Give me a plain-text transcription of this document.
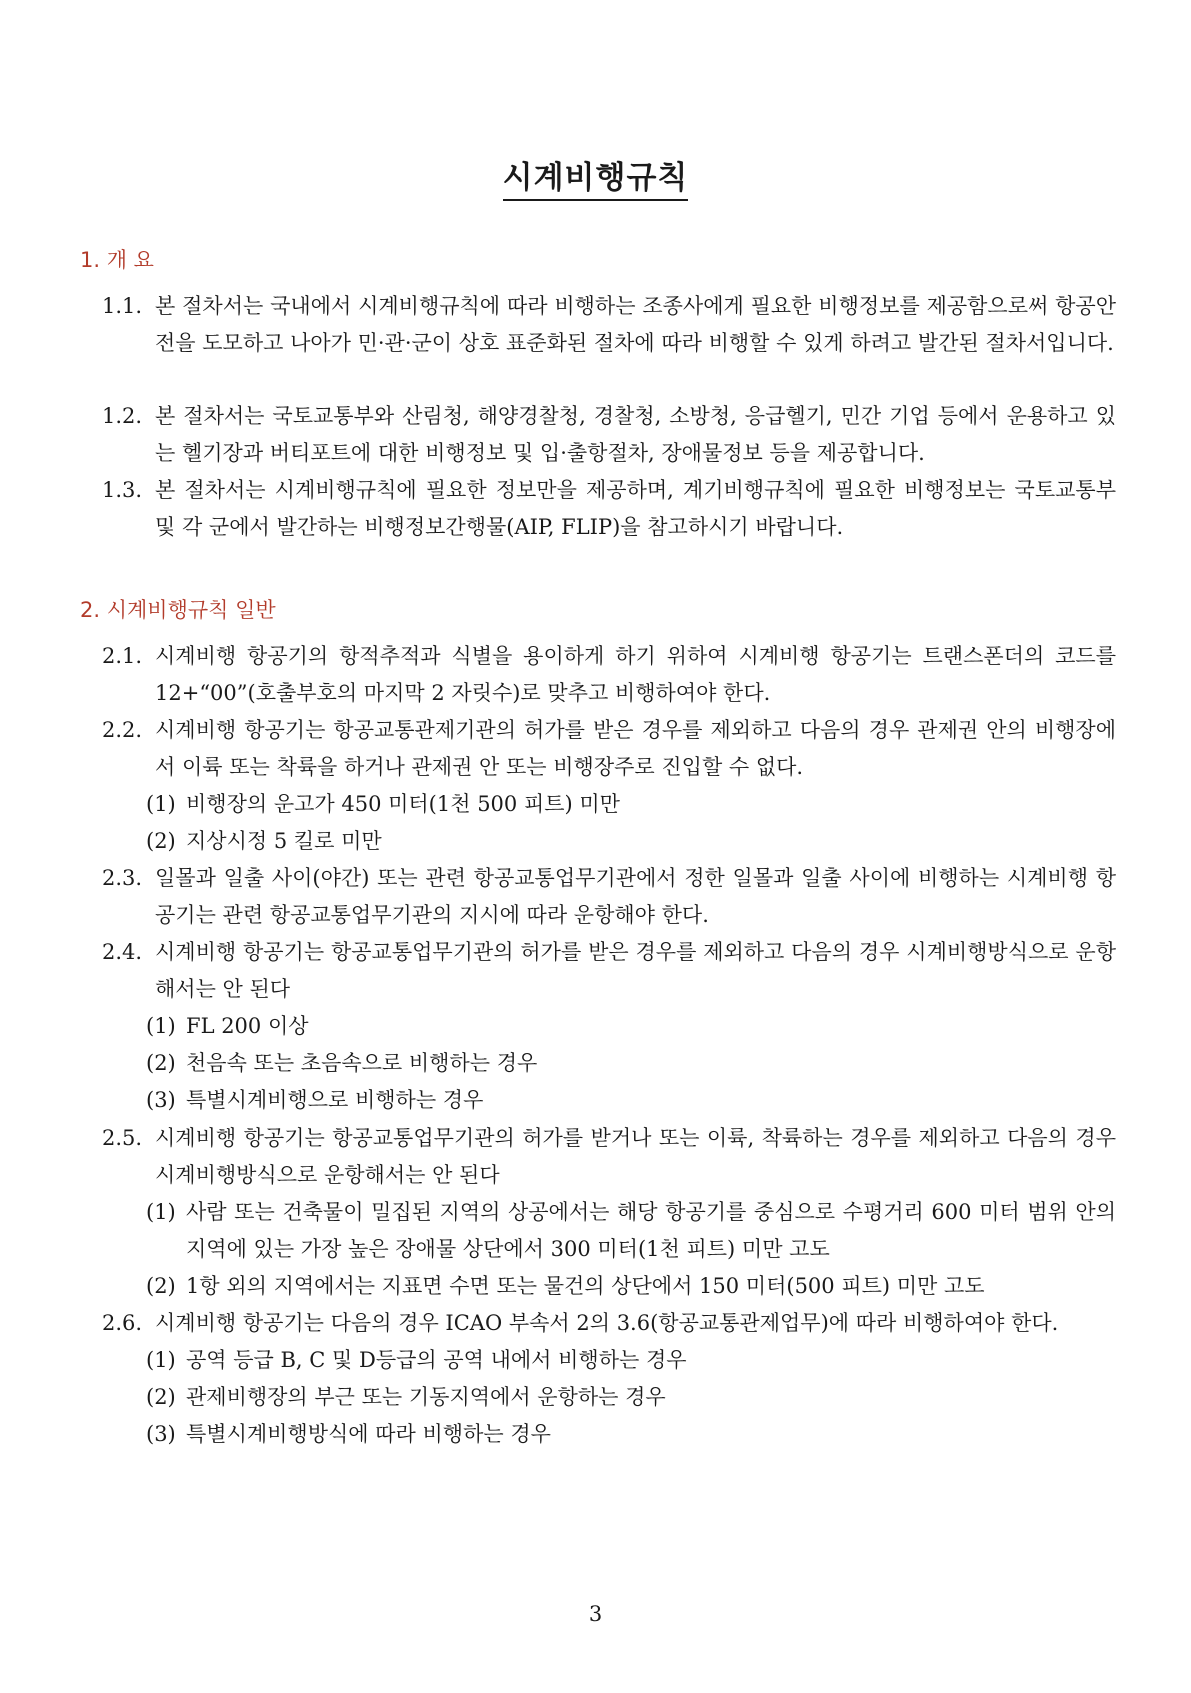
시계비행규칙
1. 개 요
1.1. 본 절차서는 국내에서 시계비행규칙에 따라 비행하는 조종사에게 필요한 비행정보를 제공함으로써 항공안전을 도모하고 나아가 민·관·군이 상호 표준화된 절차에 따라 비행할 수 있게 하려고 발간된 절차서입니다.
1.2. 본 절차서는 국토교통부와 산림청, 해양경찰청, 경찰청, 소방청, 응급헬기, 민간 기업 등에서 운용하고 있는 헬기장과 버티포트에 대한 비행정보 및 입·출항절차, 장애물정보 등을 제공합니다.
1.3. 본 절차서는 시계비행규칙에 필요한 정보만을 제공하며, 계기비행규칙에 필요한 비행정보는 국토교통부 및 각 군에서 발간하는 비행정보간행물(AIP, FLIP)을 참고하시기 바랍니다.
2. 시계비행규칙 일반
2.1. 시계비행 항공기의 항적추적과 식별을 용이하게 하기 위하여 시계비행 항공기는 트랜스폰더의 코드를 12+“00”(호출부호의 마지막 2 자릿수)로 맞추고 비행하여야 한다.
2.2. 시계비행 항공기는 항공교통관제기관의 허가를 받은 경우를 제외하고 다음의 경우 관제권 안의 비행장에서 이륙 또는 착륙을 하거나 관제권 안 또는 비행장주로 진입할 수 없다.
(1) 비행장의 운고가 450 미터(1천 500 피트) 미만
(2) 지상시정 5 킬로 미만
2.3. 일몰과 일출 사이(야간) 또는 관련 항공교통업무기관에서 정한 일몰과 일출 사이에 비행하는 시계비행 항공기는 관련 항공교통업무기관의 지시에 따라 운항해야 한다.
2.4. 시계비행 항공기는 항공교통업무기관의 허가를 받은 경우를 제외하고 다음의 경우 시계비행방식으로 운항해서는 안 된다
(1) FL 200 이상
(2) 천음속 또는 초음속으로 비행하는 경우
(3) 특별시계비행으로 비행하는 경우
2.5. 시계비행 항공기는 항공교통업무기관의 허가를 받거나 또는 이륙, 착륙하는 경우를 제외하고 다음의 경우 시계비행방식으로 운항해서는 안 된다
(1) 사람 또는 건축물이 밀집된 지역의 상공에서는 해당 항공기를 중심으로 수평거리 600 미터 범위 안의 지역에 있는 가장 높은 장애물 상단에서 300 미터(1천 피트) 미만 고도
(2) 1항 외의 지역에서는 지표면 수면 또는 물건의 상단에서 150 미터(500 피트) 미만 고도
2.6. 시계비행 항공기는 다음의 경우 ICAO 부속서 2의 3.6(항공교통관제업무)에 따라 비행하여야 한다.
(1) 공역 등급 B, C 및 D등급의 공역 내에서 비행하는 경우
(2) 관제비행장의 부근 또는 기동지역에서 운항하는 경우
(3) 특별시계비행방식에 따라 비행하는 경우
3
